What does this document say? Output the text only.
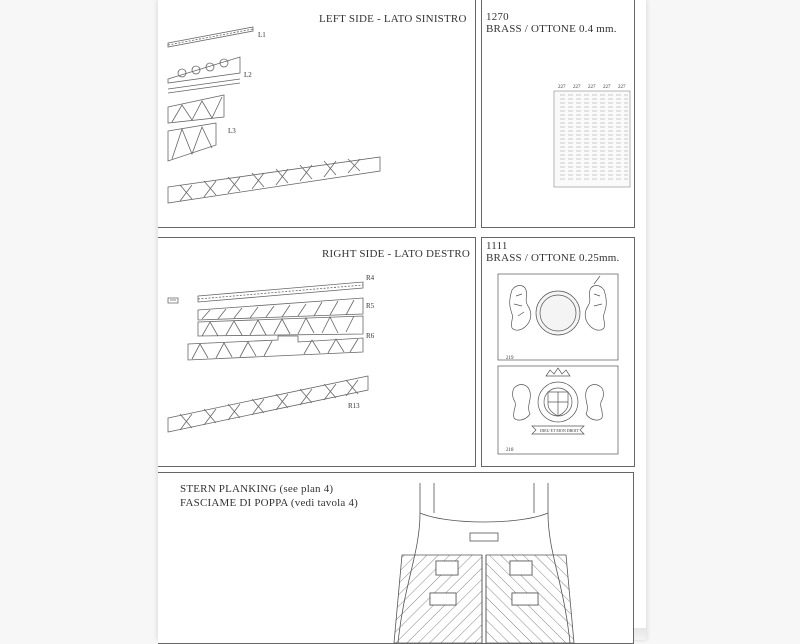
LEFT SIDE - LATO SINISTRO
L1
L2
L3
1270
BRASS / OTTONE 0.4 mm.
227 227 227 227 227
RIGHT SIDE - LATO DESTRO
R4
R5
R6
R13
1111
BRASS / OTTONE 0.25mm.
219
218
DIEU ET MON DROIT
STERN PLANKING (see plan 4)
FASCIAME DI POPPA (vedi tavola 4)
